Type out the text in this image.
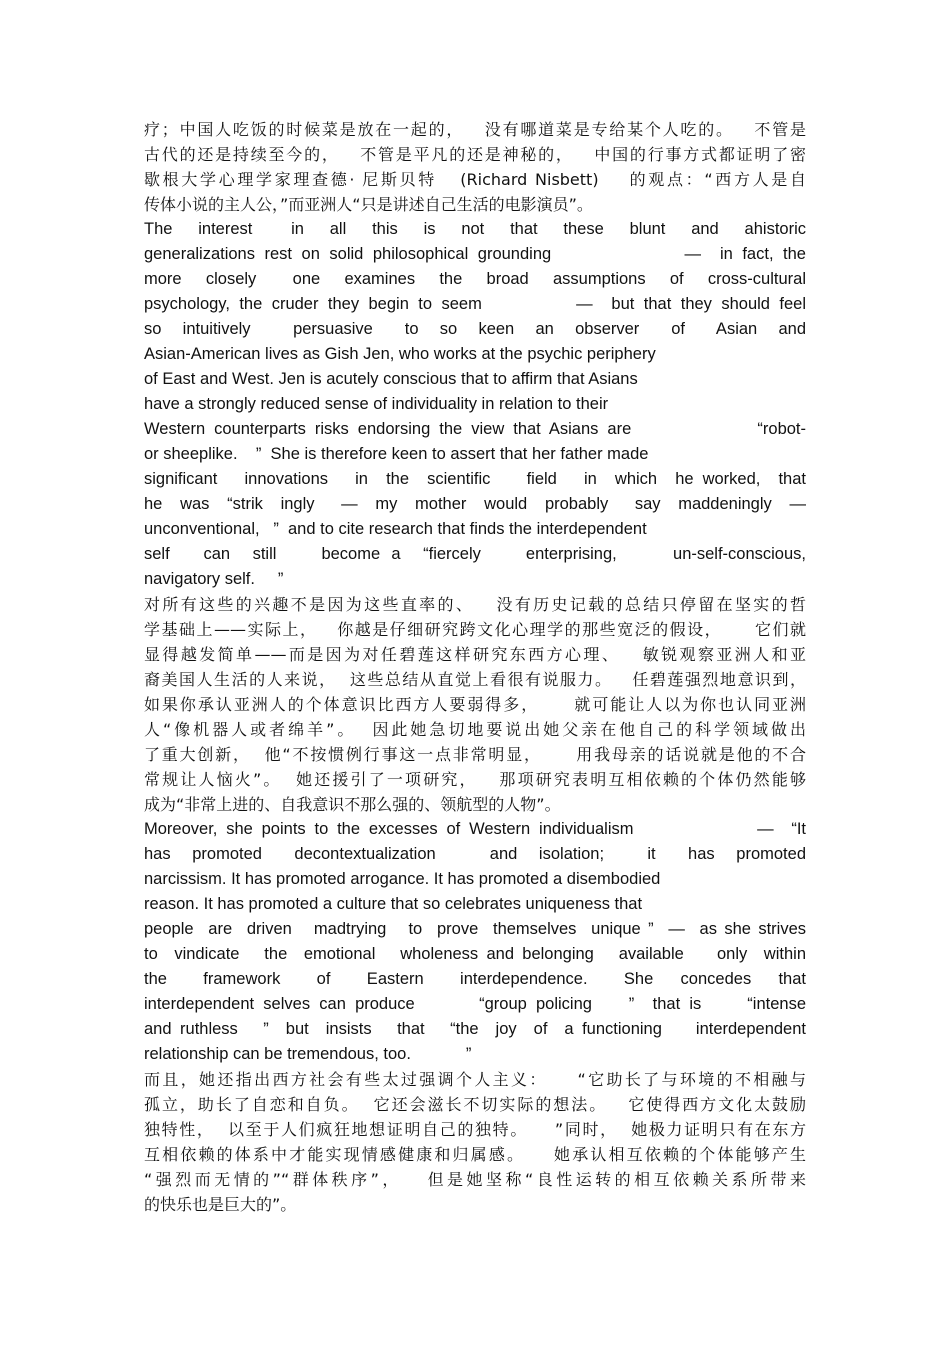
疗；中国人吃饭的时候菜是放在一起的，   没有哪道菜是专给某个人吃的。   不管是
古代的还是持续至今的，   不管是平凡的还是神秘的，   中国的行事方式都证明了密
歇根大学心理学家理查德· 尼斯贝特   (Richard Nisbett)    的观点：“西方人是自
传体小说的主人公，”而亚洲人“只是讲述自己生活的电影演员”。
The  interest   in  all  this  is  not  that  these  blunt  and  ahistoric
generalizations rest on solid philosophical grounding              —  in fact, the
more  closely   one  examines  the  broad  assumptions  of  cross-cultural
psychology, the cruder they begin to seem          —  but that they should feel
so  intuitively    persuasive   to  so  keen  an  observer   of   Asian  and
Asian-American lives as Gish Jen, who works at the psychic periphery
of East and West. Jen is acutely conscious that to affirm that Asians
have a strongly reduced sense of individuality in relation to their
Western counterparts risks endorsing the view that Asians are              “robot-
or sheeplike.    ”  She is therefore keen to assert that her father made
significant   innovations   in  the  scientific    field   in  which  he worked,  that
he  was  “strik  ingly   —  my  mother  would  probably   say  maddeningly  —
unconventional,   ”  and to cite research that finds the interdependent
self   can  still    become a  “fiercely    enterprising,     un-self-conscious,
navigatory self.     ”
对所有这些的兴趣不是因为这些直率的、   没有历史记载的总结只停留在坚实的哲
学基础上——实际上，   你越是仔细研究跨文化心理学的那些宽泛的假设，     它们就
显得越发简单——而是因为对任碧莲这样研究东西方心理、   敏锐观察亚洲人和亚
裔美国人生活的人来说，  这些总结从直觉上看很有说服力。   任碧莲强烈地意识到，
如果你承认亚洲人的个体意识比西方人要弱得多，     就可能让人以为你也认同亚洲
人“像机器人或者绵羊”。  因此她急切地要说出她父亲在他自己的科学领域做出
了重大创新，  他“不按惯例行事这一点非常明显，     用我母亲的话说就是他的不合
常规让人恼火”。  她还援引了一项研究，   那项研究表明互相依赖的个体仍然能够
成为“非常上进的、自我意识不那么强的、领航型的人物”。
Moreover, she points to the excesses of Western individualism              —  “It
has  promoted   decontextualization     and  isolation;    it   has  promoted
narcissism. It has promoted arrogance. It has promoted a disembodied
reason. It has promoted a culture that so celebrates uniqueness that
people  are  driven   madtrying   to  prove  themselves  unique ”  —  as she strives
to  vindicate   the  emotional   wholeness and belonging   available    only  within
the    framework    of    Eastern    interdependence.    She   concedes   that
interdependent selves can produce       “group policing    ”  that is     “intense
and ruthless   ”  but  insists   that   “the  joy  of  a functioning    interdependent
relationship can be tremendous, too.            ”
而且，她还指出西方社会有些太过强调个人主义：    “它助长了与环境的不相融与
孤立，助长了自恋和自负。  它还会滋长不切实际的想法。   它使得西方文化太鼓励
独特性，  以至于人们疯狂地想证明自己的独特。    ”同时，  她极力证明只有在东方
互相依赖的体系中才能实现情感健康和归属感。    她承认相互依赖的个体能够产生
“强烈而无情的”“群体秩序”，   但是她坚称“良性运转的相互依赖关系所带来
的快乐也是巨大的”。
